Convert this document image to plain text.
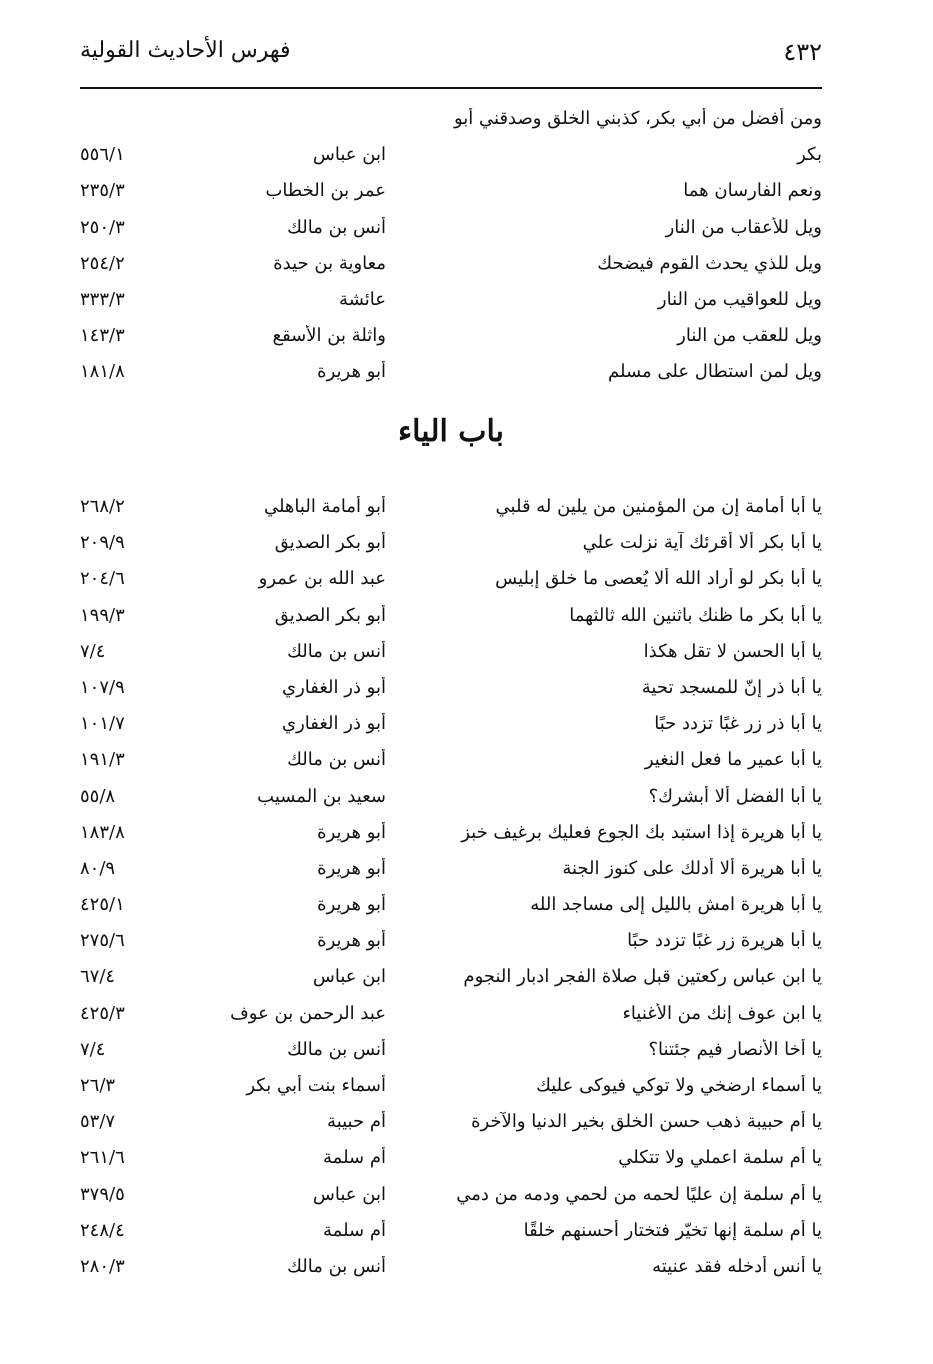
٤٣٢
فهرس الأحاديث القولية
ومن أفضل من أبي بكر، كذبني الخلق وصدقني أبو
بكر
ابن عباس
٥٥٦/١
ونعم الفارسان هما
عمر بن الخطاب
٢٣٥/٣
ويل للأعقاب من النار
أنس بن مالك
٢٥٠/٣
ويل للذي يحدث القوم فيضحك
معاوية بن حيدة
٢٥٤/٢
ويل للعواقيب من النار
عائشة
٣٣٣/٣
ويل للعقب من النار
واثلة بن الأسقع
١٤٣/٣
ويل لمن استطال على مسلم
أبو هريرة
١٨١/٨
باب الياء
يا أبا أمامة إن من المؤمنين من يلين له قلبي
أبو أمامة الباهلي
٢٦٨/٢
يا أبا بكر ألا أقرئك آية نزلت علي
أبو بكر الصديق
٢٠٩/٩
يا أبا بكر لو أراد الله ألا يُعصى ما خلق إبليس
عبد الله بن عمرو
٢٠٤/٦
يا أبا بكر ما ظنك باثنين الله ثالثهما
أبو بكر الصديق
١٩٩/٣
يا أبا الحسن لا تقل هكذا
أنس بن مالك
٧/٤
يا أبا ذر إنّ للمسجد تحية
أبو ذر الغفاري
١٠٧/٩
يا أبا ذر زر غبًا تزدد حبًا
أبو ذر الغفاري
١٠١/٧
يا أبا عمير ما فعل النغير
أنس بن مالك
١٩١/٣
يا أبا الفضل ألا أبشرك؟
سعيد بن المسيب
٥٥/٨
يا أبا هريرة إذا استبد بك الجوع فعليك برغيف خبز
أبو هريرة
١٨٣/٨
يا أبا هريرة ألا أدلك على كنوز الجنة
أبو هريرة
٨٠/٩
يا أبا هريرة امش بالليل إلى مساجد الله
أبو هريرة
٤٢٥/١
يا أبا هريرة زر غبًا تزدد حبًا
أبو هريرة
٢٧٥/٦
يا ابن عباس ركعتين قبل صلاة الفجر ادبار النجوم
ابن عباس
٦٧/٤
يا ابن عوف إنك من الأغنياء
عبد الرحمن بن عوف
٤٢٥/٣
يا أخا الأنصار فيم جئتنا؟
أنس بن مالك
٧/٤
يا أسماء ارضخي ولا توكي فيوكى عليك
أسماء بنت أبي بكر
٢٦/٣
يا أم حبيبة ذهب حسن الخلق بخير الدنيا والآخرة
أم حبيبة
٥٣/٧
يا أم سلمة اعملي ولا تتكلي
أم سلمة
٢٦١/٦
يا أم سلمة إن عليًا لحمه من لحمي ودمه من دمي
ابن عباس
٣٧٩/٥
يا أم سلمة إنها تخيّر فتختار أحسنهم خلقًا
أم سلمة
٢٤٨/٤
يا أنس أدخله فقد عنيته
أنس بن مالك
٢٨٠/٣
